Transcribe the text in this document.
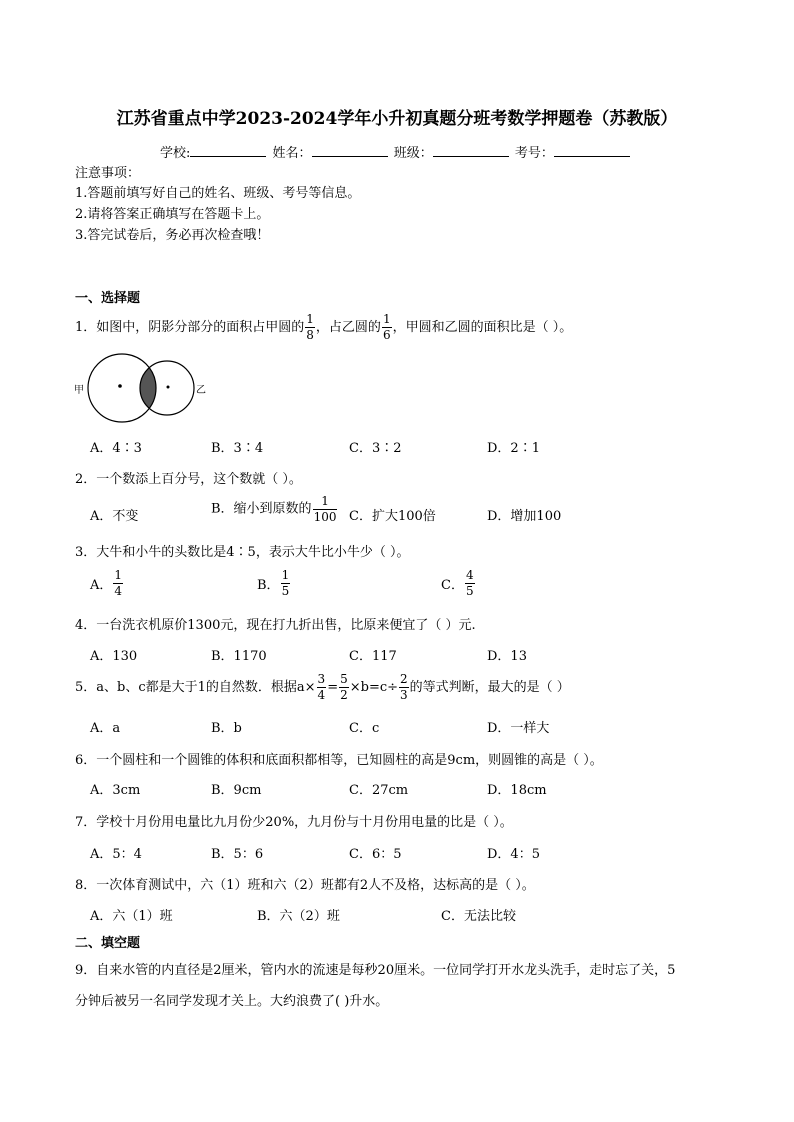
江苏省重点中学2023-2024学年小升初真题分班考数学押题卷（苏教版）
学校:	姓名：	班级：	考号：
注意事项：
1.答题前填写好自己的姓名、班级、考号等信息。
2.请将答案正确填写在答题卡上。
3.答完试卷后，务必再次检查哦！
一、选择题
1．如图中，阴影分部分的面积占甲圆的 $\frac{1}{8}$ ，占乙圆的 $\frac{1}{6}$ ，甲圆和乙圆的面积比是（ ）。
甲	乙
A．4∶3	B．3∶4	C．3∶2	D．2∶1
2．一个数添上百分号，这个数就（ ）。
A．不变	B．缩小到原数的 $\frac{1}{100}$ C．扩大100倍	D．增加100
3．大牛和小牛的头数比是4∶5，表示大牛比小牛少（ ）。
A． $\frac{1}{4}$	B． $\frac{1}{5}$	C． $\frac{4}{5}$
4．一台洗衣机原价1300元，现在打九折出售，比原来便宜了（ ）元.
A．130	B．1170	C．117	D．13
5．a、b、c都是大于1的自然数．根据$a\times \frac{3}{4} = \frac{5}{2} \times b=c\div \frac{2}{3}$ 的等式判断，最大的是（ ）
A．a	B．b	C．c	D．一样大
6．一个圆柱和一个圆锥的体积和底面积都相等，已知圆柱的高是9cm，则圆锥的高是（ ）。
A．3cm	B．9cm	C．27cm	D．18cm
7．学校十月份用电量比九月份少20%，九月份与十月份用电量的比是（ ）。
A．5：4	B．5：6	C．6：5	D．4：5
8．一次体育测试中，六（1）班和六（2）班都有2人不及格，达标高的是（ ）。
A．六（1）班	B．六（2）班	C．无法比较
二、填空题
9．自来水管的内直径是2厘米，管内水的流速是每秒20厘米。一位同学打开水龙头洗手，走时忘了关，5
分钟后被另一名同学发现才关上。大约浪费了( )升水。
